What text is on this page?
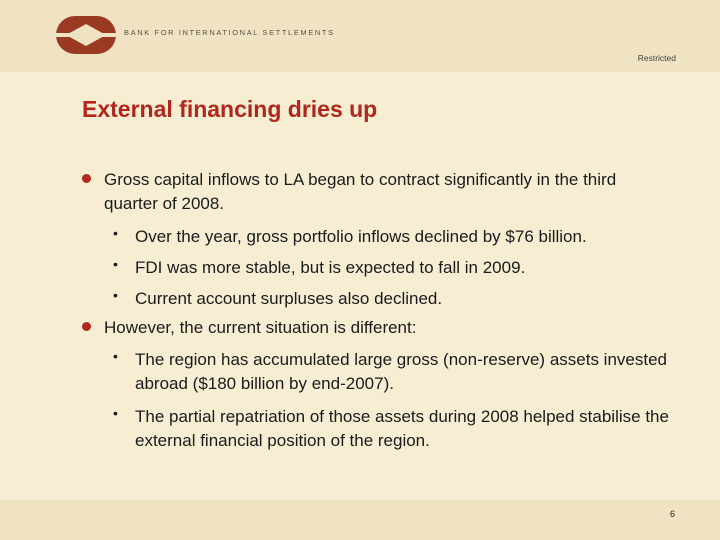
BANK FOR INTERNATIONAL SETTLEMENTS
Restricted
External financing dries up
Gross capital inflows to LA began to contract significantly in the third quarter of 2008.
• Over the year, gross portfolio inflows declined by $76 billion.
• FDI was more stable, but is expected to fall in 2009.
• Current account surpluses also declined.
However, the current situation is different:
• The region has accumulated large gross (non-reserve) assets invested abroad ($180 billion by end-2007).
• The partial repatriation of those assets during 2008 helped stabilise the external financial position of the region.
6
